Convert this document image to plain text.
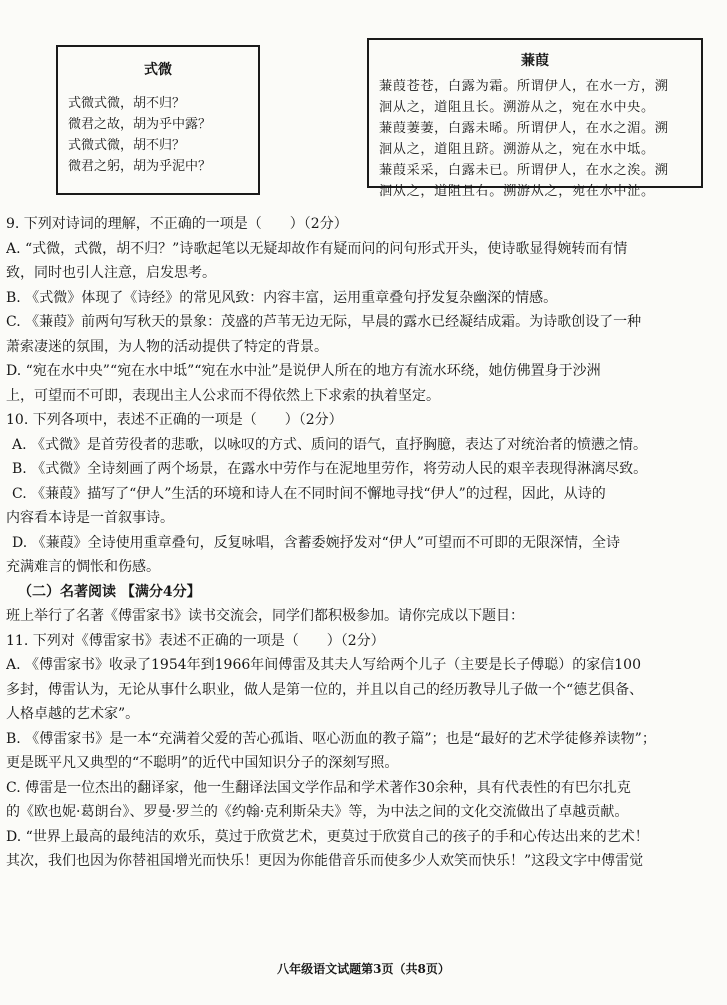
式微
式微式微，胡不归？
微君之故，胡为乎中露？
式微式微，胡不归？
微君之躬，胡为乎泥中？
蒹葭
蒹葭苍苍，白露为霜。所谓伊人，在水一方，溯
洄从之，道阻且长。溯游从之，宛在水中央。
蒹葭萋萋，白露未晞。所谓伊人，在水之湄。溯
洄从之，道阻且跻。溯游从之，宛在水中坻。
蒹葭采采，白露未已。所谓伊人，在水之涘。溯
洄从之，道阻且右。溯游从之，宛在水中沚。
9. 下列对诗词的理解，不正确的一项是（　　）（2分）
A. “式微，式微，胡不归？”诗歌起笔以无疑却故作有疑而问的问句形式开头，使诗歌显得婉转而有情
致，同时也引人注意，启发思考。
B. 《式微》体现了《诗经》的常见风致：内容丰富，运用重章叠句抒发复杂幽深的情感。
C. 《蒹葭》前两句写秋天的景象：茂盛的芦苇无边无际，早晨的露水已经凝结成霜。为诗歌创设了一种
萧索凄迷的氛围，为人物的活动提供了特定的背景。
D. “宛在水中央”“宛在水中坻”“宛在水中沚”是说伊人所在的地方有流水环绕，她仿佛置身于沙洲
上，可望而不可即，表现出主人公求而不得依然上下求索的执着坚定。
10. 下列各项中，表述不正确的一项是（　　）（2分）
A. 《式微》是首劳役者的悲歌，以咏叹的方式、质问的语气，直抒胸臆，表达了对统治者的愤懑之情。
B. 《式微》全诗刻画了两个场景，在露水中劳作与在泥地里劳作，将劳动人民的艰辛表现得淋漓尽致。
C. 《蒹葭》描写了“伊人”生活的环境和诗人在不同时间不懈地寻找“伊人”的过程，因此，从诗的
内容看本诗是一首叙事诗。
D. 《蒹葭》全诗使用重章叠句，反复咏唱，含蓄委婉抒发对“伊人”可望而不可即的无限深情，全诗
充满难言的惆怅和伤感。
（二）名著阅读 【满分4分】
班上举行了名著《傅雷家书》读书交流会，同学们都积极参加。请你完成以下题目：
11. 下列对《傅雷家书》表述不正确的一项是（　　）（2分）
A. 《傅雷家书》收录了1954年到1966年间傅雷及其夫人写给两个儿子（主要是长子傅聪）的家信100
多封，傅雷认为，无论从事什么职业，做人是第一位的，并且以自己的经历教导儿子做一个“德艺俱备、
人格卓越的艺术家”。
B. 《傅雷家书》是一本“充满着父爱的苦心孤诣、呕心沥血的教子篇”；也是“最好的艺术学徒修养读物”；
更是既平凡又典型的“不聪明”的近代中国知识分子的深刻写照。
C. 傅雷是一位杰出的翻译家，他一生翻译法国文学作品和学术著作30余种，具有代表性的有巴尔扎克
的《欧也妮·葛朗台》、罗曼·罗兰的《约翰·克利斯朵夫》等，为中法之间的文化交流做出了卓越贡献。
D. “世界上最高的最纯洁的欢乐，莫过于欣赏艺术，更莫过于欣赏自己的孩子的手和心传达出来的艺术！
其次，我们也因为你替祖国增光而快乐！更因为你能借音乐而使多少人欢笑而快乐！”这段文字中傅雷觉
八年级语文试题第3页（共8页）
